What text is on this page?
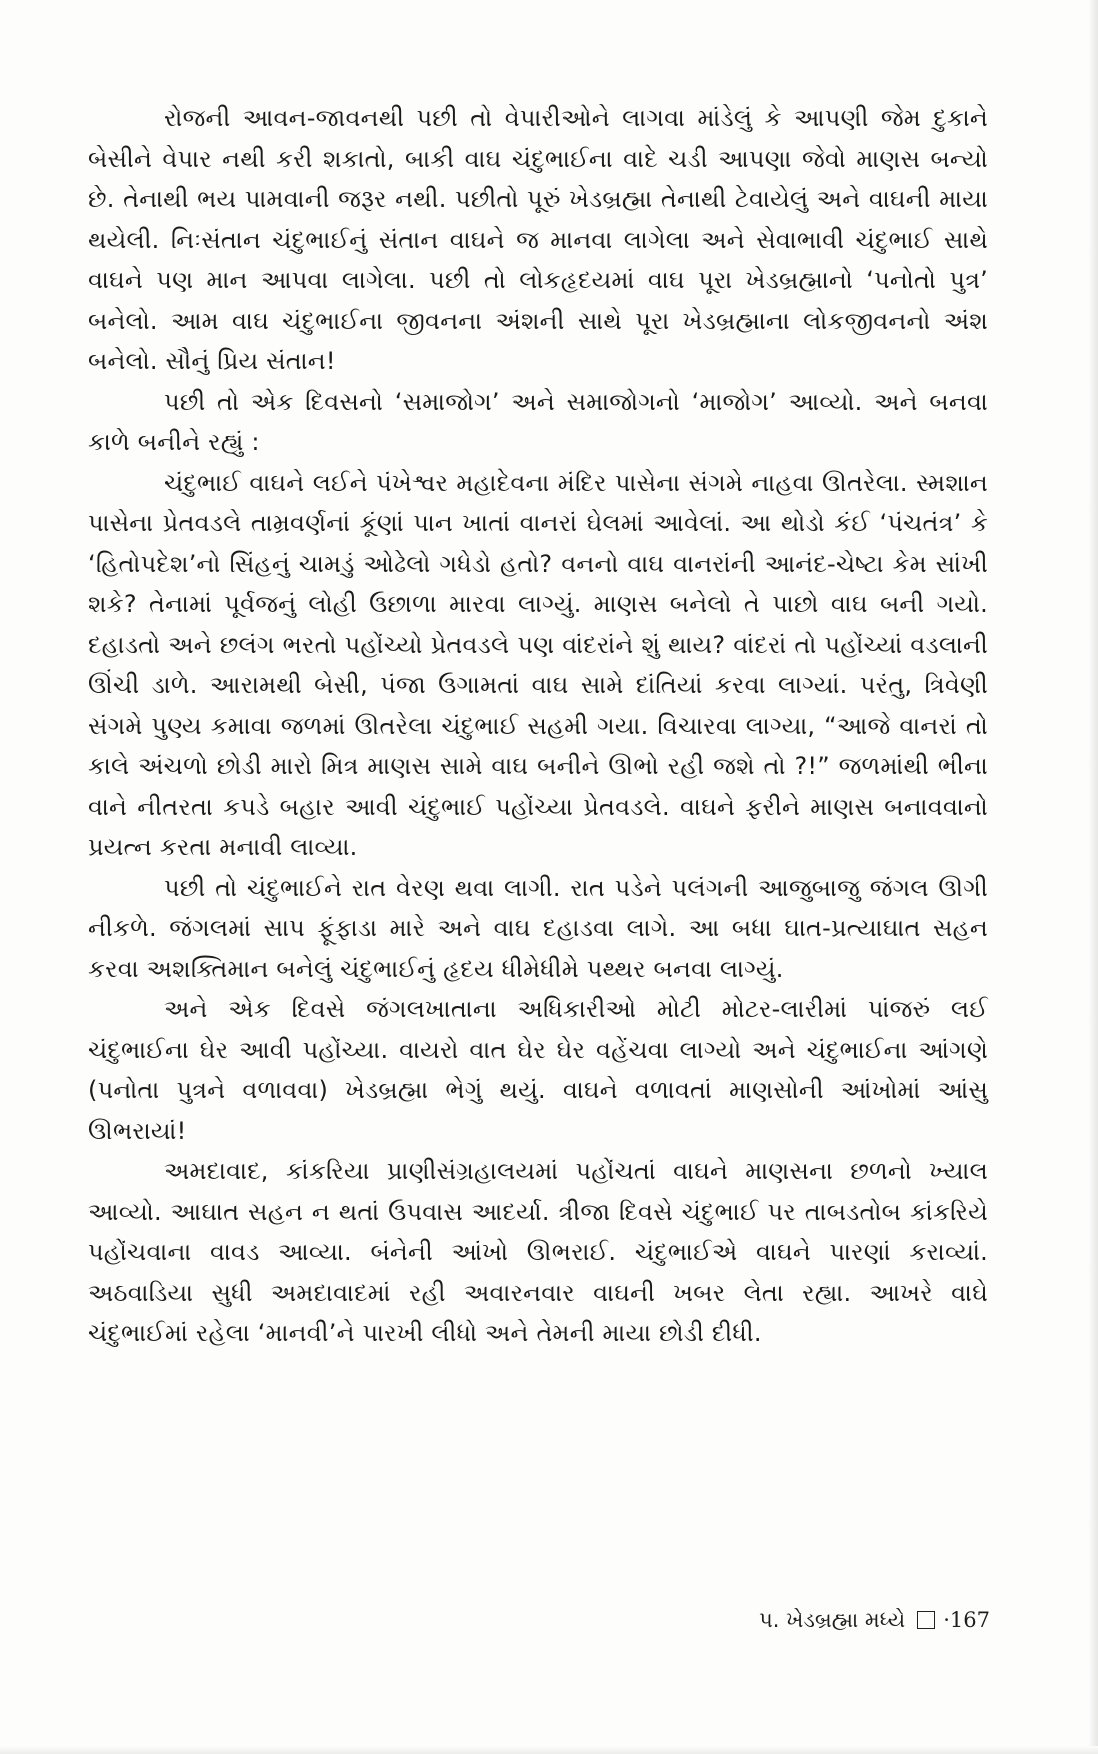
રોજની આવન-જાવનથી પછી તો વેપારીઓને લાગવા માંડેલું કે આપણી જેમ દુકાને બેસીને વેપાર નથી કરી શકાતો, બાકી વાઘ ચંદુભાઈના વાદે ચડી આપણા જેવો માણસ બન્યો છે. તેનાથી ભય પામવાની જરૂર નથી. પછીતો પૂરું ખેડબ્રહ્મા તેનાથી ટેવાયેલું અને વાઘની માયા થયેલી. નિઃસંતાન ચંદુભાઈનું સંતાન વાઘને જ માનવા લાગેલા અને સેવાભાવી ચંદુભાઈ સાથે વાઘને પણ માન આપવા લાગેલા. પછી તો લોકહૃદયમાં વાઘ પૂરા ખેડબ્રહ્માનો ‘પનોતો પુત્ર’ બનેલો. આમ વાઘ ચંદુભાઈના જીવનના અંશની સાથે પૂરા ખેડબ્રહ્માના લોકજીવનનો અંશ બનેલો. સૌનું પ્રિય સંતાન!

પછી તો એક દિવસનો ‘સમાજોગ’ અને સમાજોગનો ‘માજોગ’ આવ્યો. અને બનવા કાળે બનીને રહ્યું :

ચંદુભાઈ વાઘને લઈને પંખેશ્વર મહાદેવના મંદિર પાસેના સંગમે નાહવા ઊતરેલા. સ્મશાન પાસેના પ્રેતવડલે તામ્રવર્ણનાં કૂંણાં પાન ખાતાં વાનરાં ઘેલમાં આવેલાં. આ થોડો કંઈ ‘પંચતંત્ર’ કે ‘હિતોપદેશ’નો સિંહનું ચામડું ઓઢેલો ગધેડો હતો? વનનો વાઘ વાનરાંની આનંદ-ચેષ્ટા કેમ સાંખી શકે? તેનામાં પૂર્વજનું લોહી ઉછાળા મારવા લાગ્યું. માણસ બનેલો તે પાછો વાઘ બની ગયો. દહાડતો અને છલંગ ભરતો પહોંચ્યો પ્રેતવડલે પણ વાંદરાંને શું થાય? વાંદરાં તો પહોંચ્યાં વડલાની ઊંચી ડાળે. આરામથી બેસી, પંજા ઉગામતાં વાઘ સામે દાંતિયાં કરવા લાગ્યાં. પરંતુ, ત્રિવેણી સંગમે પુણ્ય કમાવા જળમાં ઊતરેલા ચંદુભાઈ સહમી ગયા. વિચારવા લાગ્યા, “આજે વાનરાં તો કાલે અંચળો છોડી મારો મિત્ર માણસ સામે વાઘ બનીને ઊભો રહી જશે તો ?!” જળમાંથી ભીના વાને નીતરતા કપડે બહાર આવી ચંદુભાઈ પહોંચ્યા પ્રેતવડલે. વાઘને ફરીને માણસ બનાવવાનો પ્રયત્ન કરતા મનાવી લાવ્યા.

પછી તો ચંદુભાઈને રાત વેરણ થવા લાગી. રાત પડેને પલંગની આજુબાજુ જંગલ ઊગી નીકળે. જંગલમાં સાપ ફૂંફાડા મારે અને વાઘ દહાડવા લાગે. આ બધા ઘાત-પ્રત્યાઘાત સહન કરવા અશક્તિમાન બનેલું ચંદુભાઈનું હૃદય ધીમેધીમે પથ્થર બનવા લાગ્યું.

અને એક દિવસે જંગલખાતાના અધિકારીઓ મોટી મોટર-લારીમાં પાંજરું લઈ ચંદુભાઈના ઘેર આવી પહોંચ્યા. વાયરો વાત ઘેર ઘેર વહેંચવા લાગ્યો અને ચંદુભાઈના આંગણે (પનોતા પુત્રને વળાવવા) ખેડબ્રહ્મા ભેગું થયું. વાઘને વળાવતાં માણસોની આંખોમાં આંસુ ઊભરાયાં!

અમદાવાદ, કાંકરિયા પ્રાણીસંગ્રહાલયમાં પહોંચતાં વાઘને માણસના છળનો ખ્યાલ આવ્યો. આઘાત સહન ન થતાં ઉપવાસ આદર્યા. ત્રીજા દિવસે ચંદુભાઈ પર તાબડતોબ કાંકરિયે પહોંચવાના વાવડ આવ્યા. બંનેની આંખો ઊભરાઈ. ચંદુભાઈએ વાઘને પારણાં કરાવ્યાં. અઠવાડિયા સુધી અમદાવાદમાં રહી અવારનવાર વાઘની ખબર લેતા રહ્યા. આખરે વાઘે ચંદુભાઈમાં રહેલા ‘માનવી’ને પારખી લીધો અને તેમની માયા છોડી દીધી.

પ. ખેડબ્રહ્મા મધ્યે ·167
